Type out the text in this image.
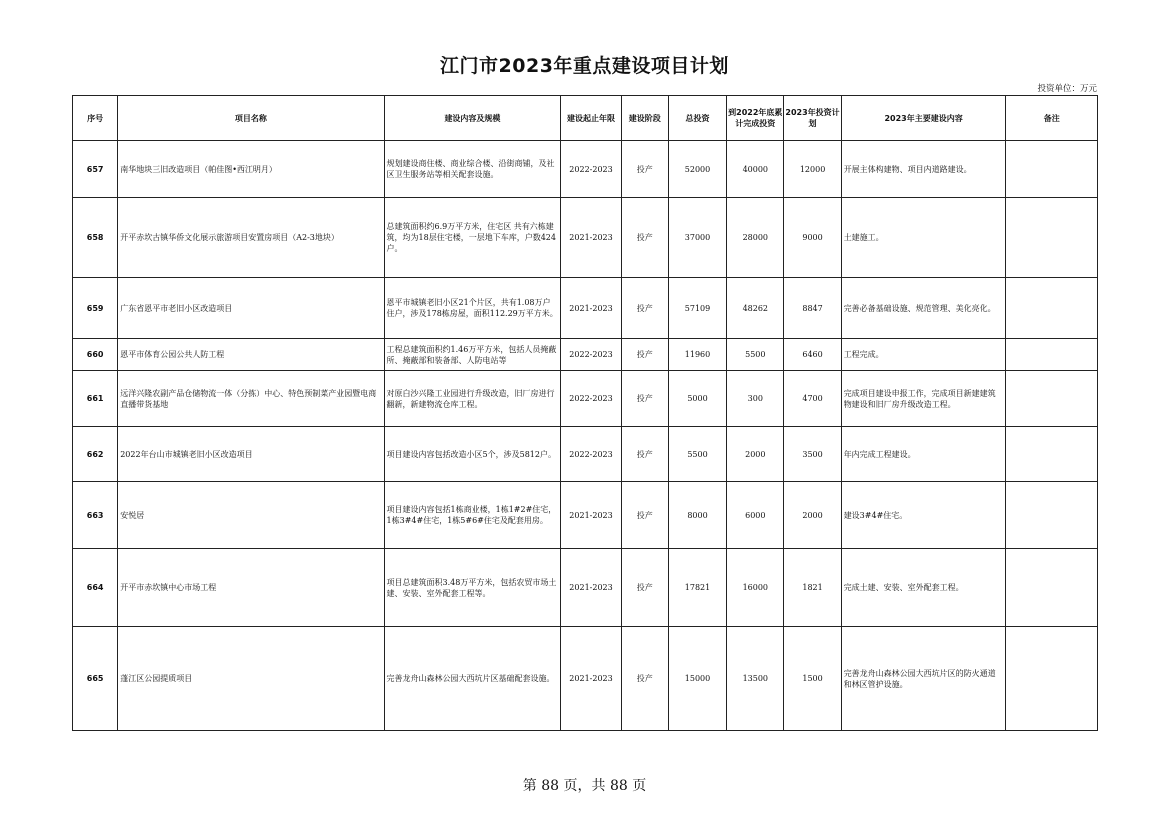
江门市2023年重点建设项目计划
投资单位：万元
序号	项目名称	建设内容及规模	建设起止年限	建设阶段	总投资	到2022年底累计完成投资	2023年投资计划	2023年主要建设内容	备注
657	南华地块三旧改造项目（帕佳图•西江明月）	规划建设商住楼、商业综合楼、沿街商铺，及社区卫生服务站等相关配套设施。	2022-2023	投产	52000	40000	12000	开展主体构建物、项目内道路建设。	
658	开平赤坎古镇华侨文化展示旅游项目安置房项目（A2-3地块）	总建筑面积约6.9万平方米，住宅区 共有六栋建筑，均为18层住宅楼，一层地下车库，户数424户。	2021-2023	投产	37000	28000	9000	土建施工。	
659	广东省恩平市老旧小区改造项目	恩平市城镇老旧小区21个片区，共有1.08万户住户，涉及178栋房屋，面积112.29万平方米。	2021-2023	投产	57109	48262	8847	完善必备基础设施、规范管理、美化亮化。	
660	恩平市体育公园公共人防工程	工程总建筑面积约1.46万平方米，包括人员掩蔽所、掩蔽部和装备部、人防电站等	2022-2023	投产	11960	5500	6460	工程完成。	
661	远洋兴隆农副产品仓储物流一体（分拣）中心、特色预制菜产业园暨电商直播带货基地	对原白沙兴隆工业园进行升级改造，旧厂房进行翻新，新建物流仓库工程。	2022-2023	投产	5000	300	4700	完成项目建设申报工作，完成项目新建建筑物建设和旧厂房升级改造工程。	
662	2022年台山市城镇老旧小区改造项目	项目建设内容包括改造小区5个，涉及5812户。	2022-2023	投产	5500	2000	3500	年内完成工程建设。	
663	安悦居	项目建设内容包括1栋商业楼，1栋1#2#住宅，1栋3#4#住宅，1栋5#6#住宅及配套用房。	2021-2023	投产	8000	6000	2000	建设3#4#住宅。	
664	开平市赤坎镇中心市场工程	项目总建筑面积3.48万平方米，包括农贸市场土建、安装、室外配套工程等。	2021-2023	投产	17821	16000	1821	完成土建、安装、室外配套工程。	
665	蓬江区公园提质项目	完善龙舟山森林公园大西坑片区基础配套设施。	2021-2023	投产	15000	13500	1500	完善龙舟山森林公园大西坑片区的防火通道和林区管护设施。	
第 88 页，共 88 页
